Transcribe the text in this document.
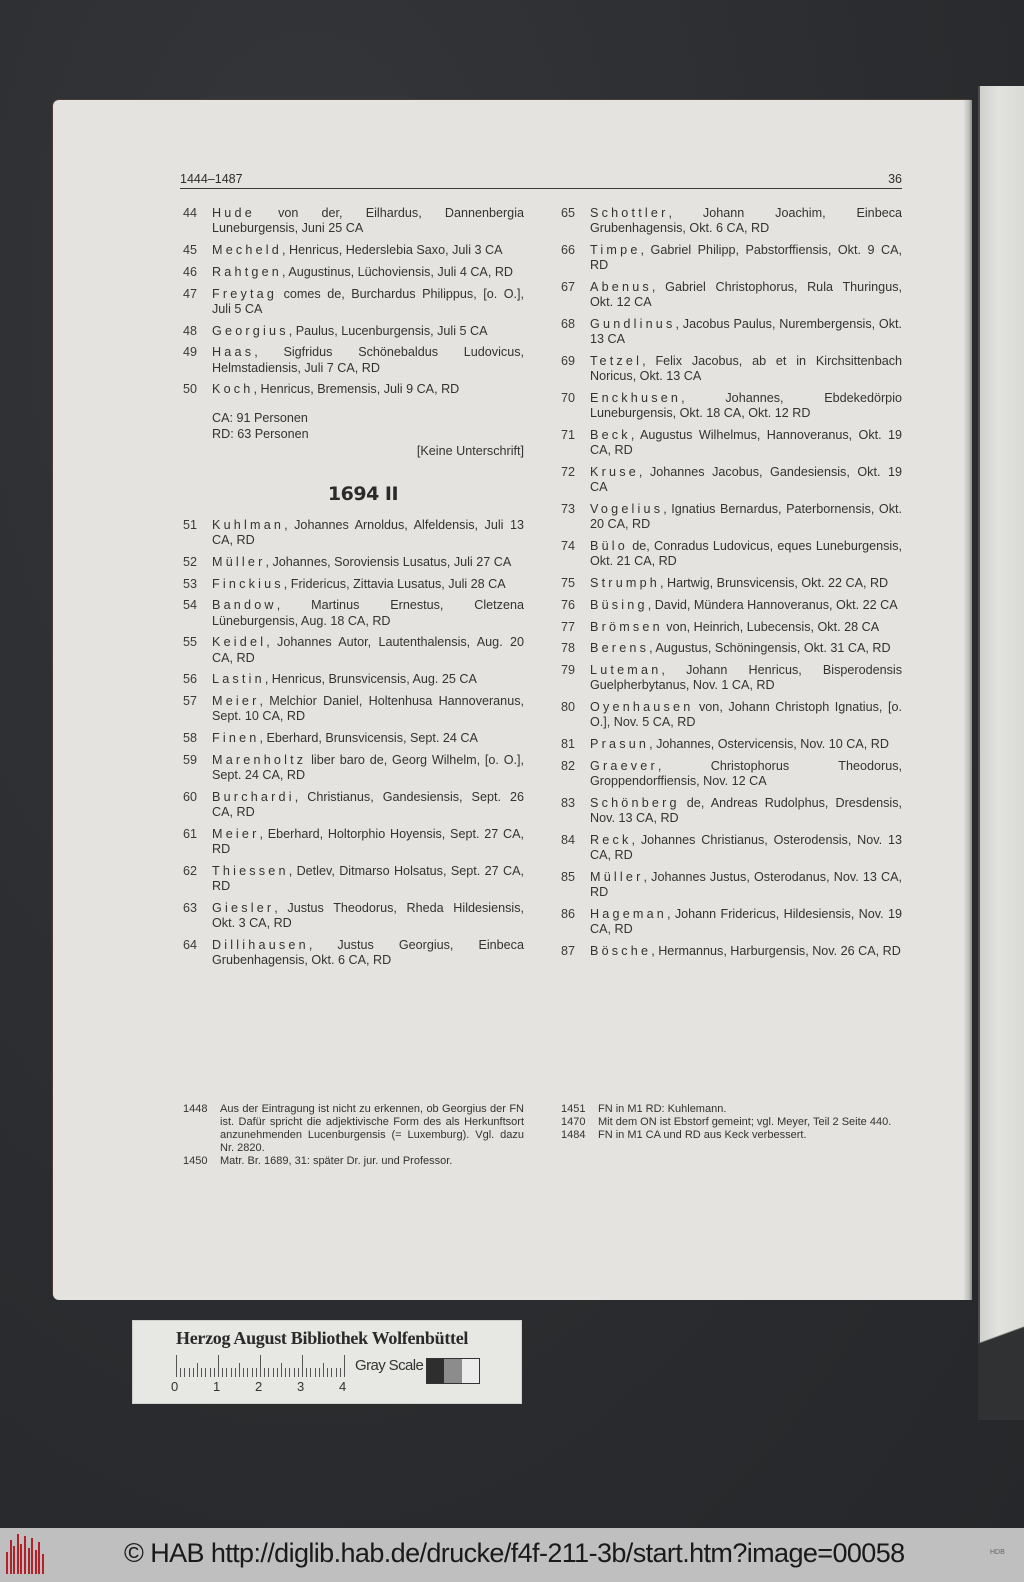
1444–1487	36
44 Hude von der, Eilhardus, Dannenbergia Luneburgensis, Juni 25 CA
45 Mecheld, Henricus, Hederslebia Saxo, Juli 3 CA
46 Rahtgen, Augustinus, Lüchoviensis, Juli 4 CA, RD
47 Freytag comes de, Burchardus Philippus, [o. O.], Juli 5 CA
48 Georgius, Paulus, Lucenburgensis, Juli 5 CA
49 Haas, Sigfridus Schönebaldus Ludovicus, Helmstadiensis, Juli 7 CA, RD
50 Koch, Henricus, Bremensis, Juli 9 CA, RD
CA: 91 Personen
RD: 63 Personen
[Keine Unterschrift]
1694 II
51 Kuhlman, Johannes Arnoldus, Alfeldensis, Juli 13 CA, RD
52 Müller, Johannes, Soroviensis Lusatus, Juli 27 CA
53 Finckius, Fridericus, Zittavia Lusatus, Juli 28 CA
54 Bandow, Martinus Ernestus, Cletzena Lüneburgensis, Aug. 18 CA, RD
55 Keidel, Johannes Autor, Lautenthalensis, Aug. 20 CA, RD
56 Lastin, Henricus, Brunsvicensis, Aug. 25 CA
57 Meier, Melchior Daniel, Holtenhusa Hannoveranus, Sept. 10 CA, RD
58 Finen, Eberhard, Brunsvicensis, Sept. 24 CA
59 Marenholtz liber baro de, Georg Wilhelm, [o. O.], Sept. 24 CA, RD
60 Burchardi, Christianus, Gandesiensis, Sept. 26 CA, RD
61 Meier, Eberhard, Holtorphio Hoyensis, Sept. 27 CA, RD
62 Thiessen, Detlev, Ditmarso Holsatus, Sept. 27 CA, RD
63 Giesler, Justus Theodorus, Rheda Hildesiensis, Okt. 3 CA, RD
64 Dillihausen, Justus Georgius, Einbeca Grubenhagensis, Okt. 6 CA, RD
65 Schottler, Johann Joachim, Einbeca Grubenhagensis, Okt. 6 CA, RD
66 Timpe, Gabriel Philipp, Pabstorffiensis, Okt. 9 CA, RD
67 Abenus, Gabriel Christophorus, Rula Thuringus, Okt. 12 CA
68 Gundlinus, Jacobus Paulus, Nurembergensis, Okt. 13 CA
69 Tetzel, Felix Jacobus, ab et in Kirchsittenbach Noricus, Okt. 13 CA
70 Enckhusen, Johannes, Ebdekedörpio Luneburgensis, Okt. 18 CA, Okt. 12 RD
71 Beck, Augustus Wilhelmus, Hannoveranus, Okt. 19 CA, RD
72 Kruse, Johannes Jacobus, Gandesiensis, Okt. 19 CA
73 Vogelius, Ignatius Bernardus, Paterbornensis, Okt. 20 CA, RD
74 Bülo de, Conradus Ludovicus, eques Luneburgensis, Okt. 21 CA, RD
75 Strumph, Hartwig, Brunsvicensis, Okt. 22 CA, RD
76 Büsing, David, Mündera Hannoveranus, Okt. 22 CA
77 Brömsen von, Heinrich, Lubecensis, Okt. 28 CA
78 Berens, Augustus, Schöningensis, Okt. 31 CA, RD
79 Luteman, Johann Henricus, Bisperodensis Guelpherbytanus, Nov. 1 CA, RD
80 Oyenhausen von, Johann Christoph Ignatius, [o. O.], Nov. 5 CA, RD
81 Prasun, Johannes, Ostervicensis, Nov. 10 CA, RD
82 Graever, Christophorus Theodorus, Groppendorffiensis, Nov. 12 CA
83 Schönberg de, Andreas Rudolphus, Dresdensis, Nov. 13 CA, RD
84 Reck, Johannes Christianus, Osterodensis, Nov. 13 CA, RD
85 Müller, Johannes Justus, Osterodanus, Nov. 13 CA, RD
86 Hageman, Johann Fridericus, Hildesiensis, Nov. 19 CA, RD
87 Bösche, Hermannus, Harburgensis, Nov. 26 CA, RD
1448 Aus der Eintragung ist nicht zu erkennen, ob Georgius der FN ist. Dafür spricht die adjektivische Form des als Herkunftsort anzunehmenden Lucenburgensis (= Luxemburg). Vgl. dazu Nr. 2820.
1450 Matr. Br. 1689, 31: später Dr. jur. und Professor.
1451 FN in M1 RD: Kuhlemann.
1470 Mit dem ON ist Ebstorf gemeint; vgl. Meyer, Teil 2 Seite 440.
1484 FN in M1 CA und RD aus Keck verbessert.
Herzog August Bibliothek Wolfenbüttel
0	1	2	3	4
Gray Scale
© HAB http://diglib.hab.de/drucke/f4f-211-3b/start.htm?image=00058	HDB
